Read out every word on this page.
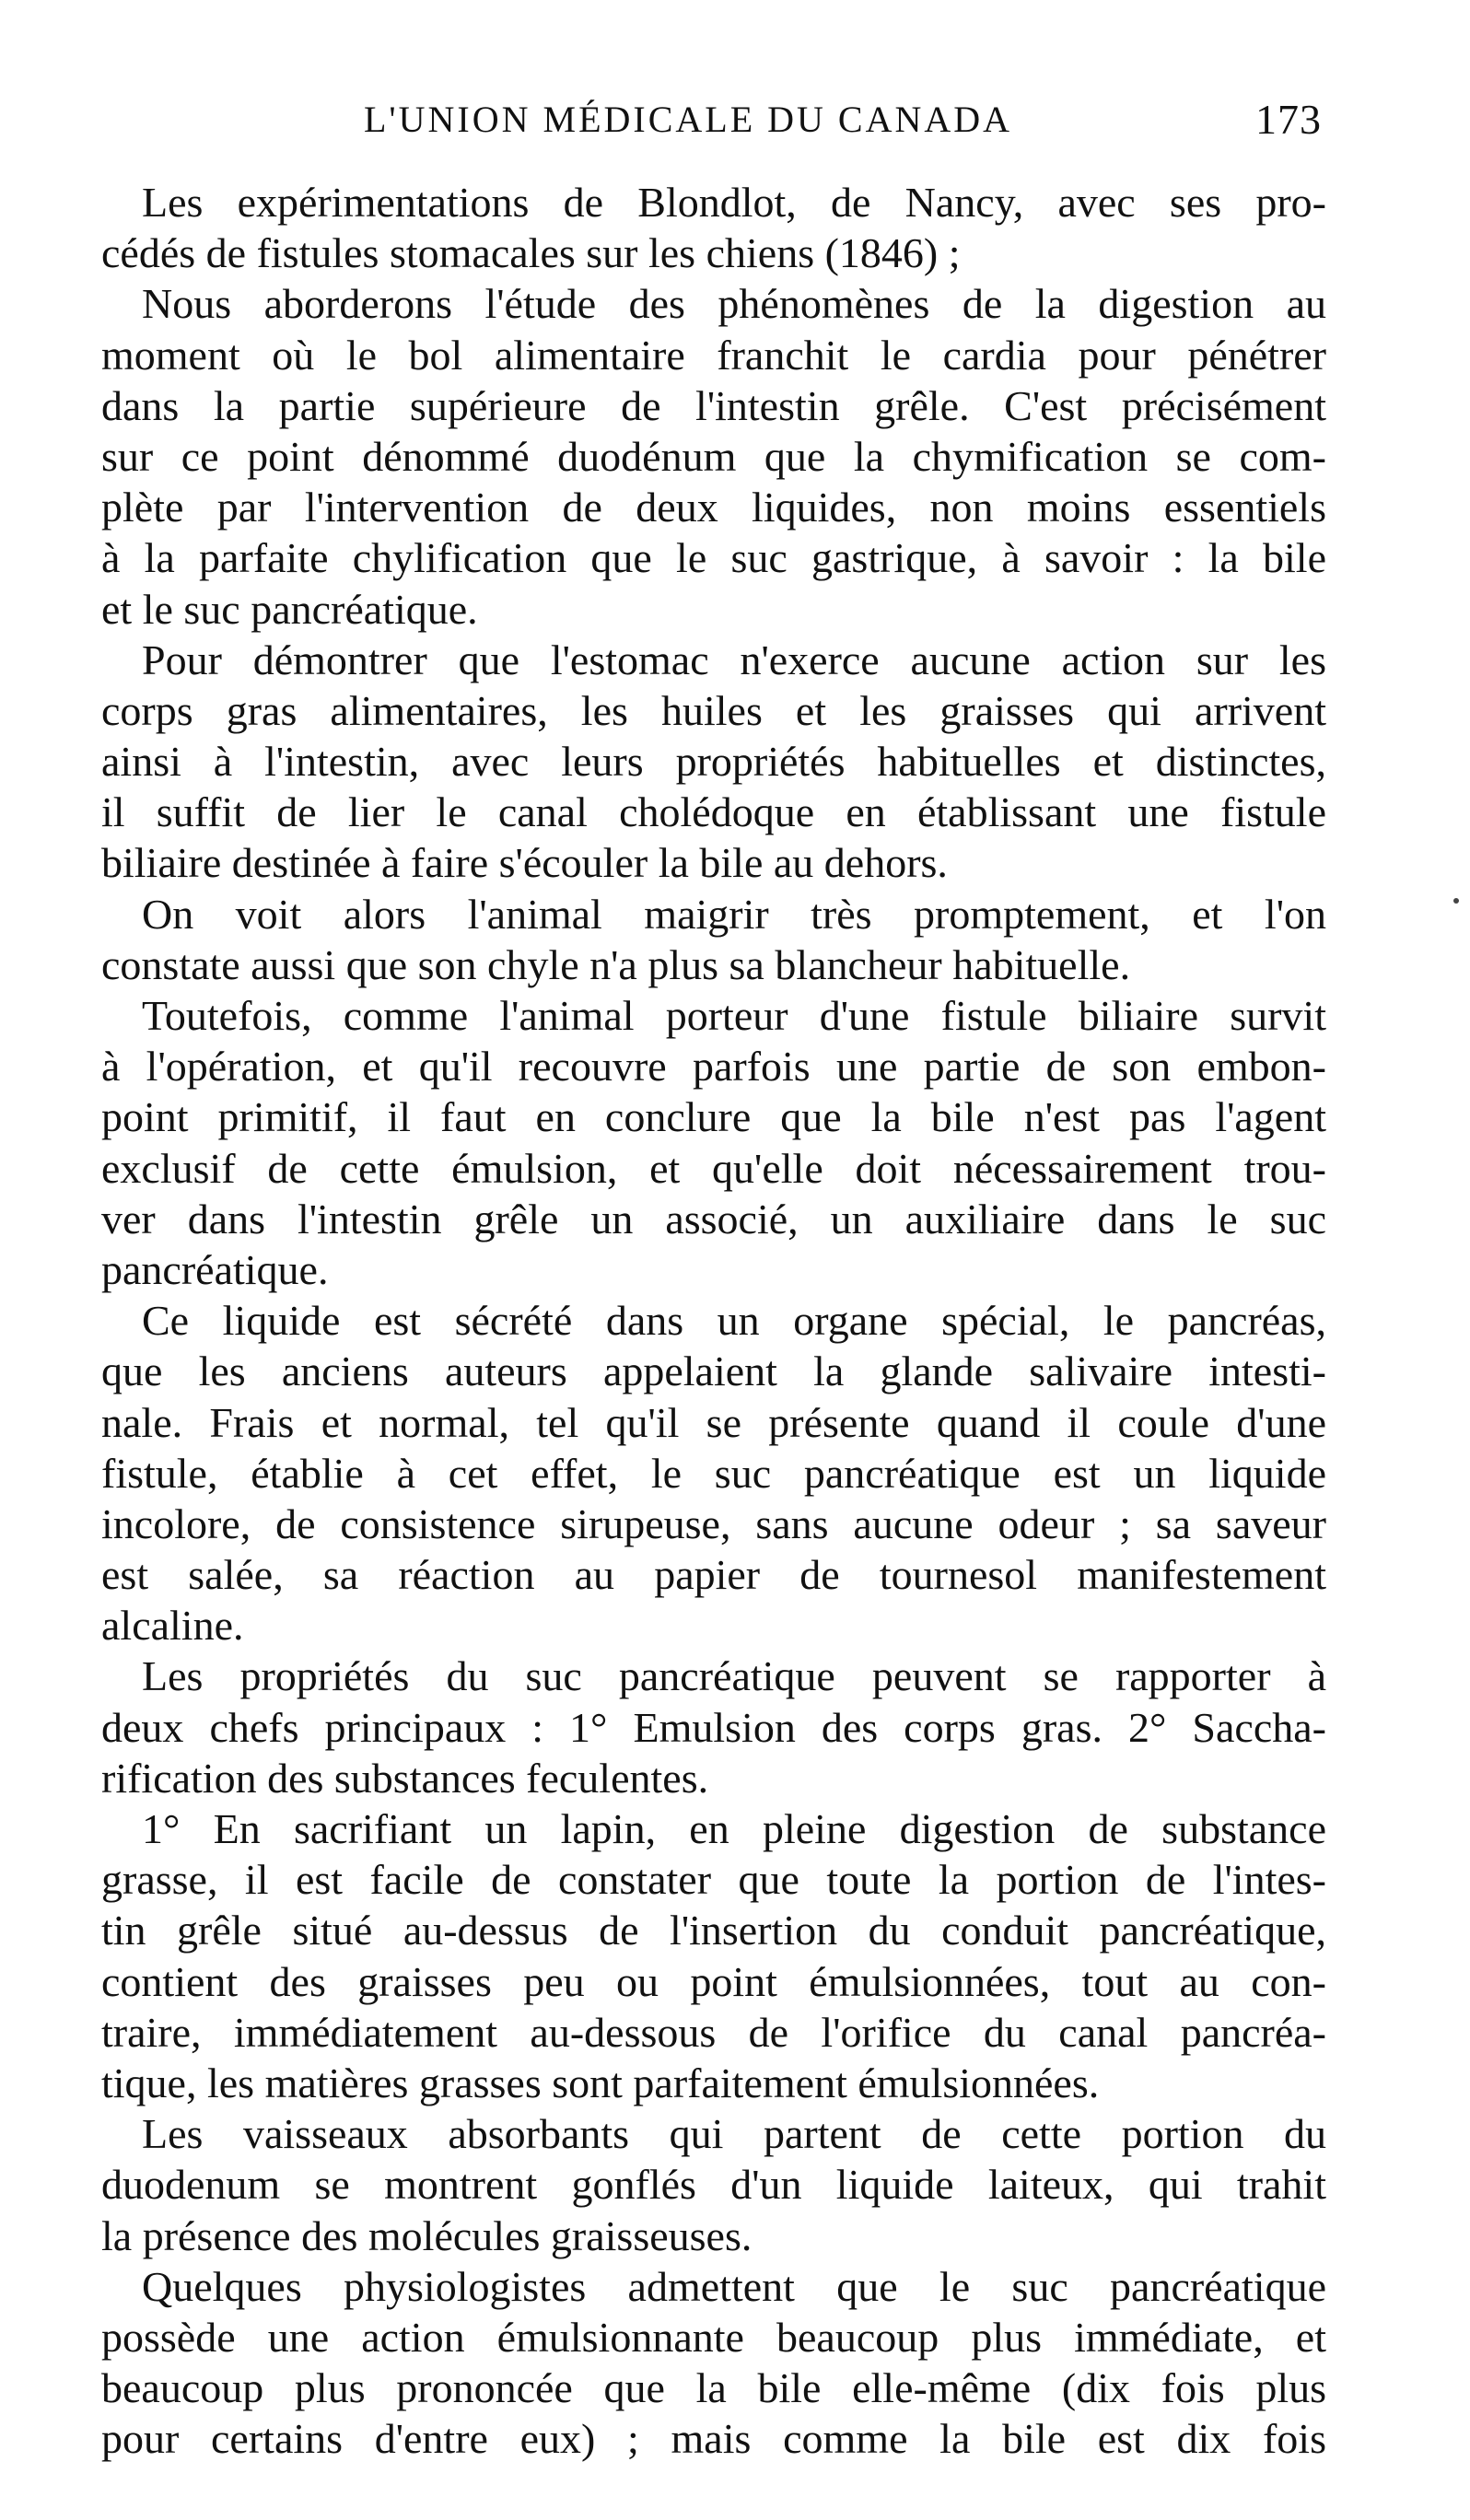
L'UNION MÉDICALE DU CANADA	173
Les expérimentations de Blondlot, de Nancy, avec ses pro-
cédés de fistules stomacales sur les chiens (1846) ;
Nous aborderons l'étude des phénomènes de la digestion au
moment où le bol alimentaire franchit le cardia pour pénétrer
dans la partie supérieure de l'intestin grêle. C'est précisément
sur ce point dénommé duodénum que la chymification se com-
plète par l'intervention de deux liquides, non moins essentiels
à la parfaite chylification que le suc gastrique, à savoir : la bile
et le suc pancréatique.
Pour démontrer que l'estomac n'exerce aucune action sur les
corps gras alimentaires, les huiles et les graisses qui arrivent
ainsi à l'intestin, avec leurs propriétés habituelles et distinctes,
il suffit de lier le canal cholédoque en établissant une fistule
biliaire destinée à faire s'écouler la bile au dehors.
On voit alors l'animal maigrir très promptement, et l'on
constate aussi que son chyle n'a plus sa blancheur habituelle.
Toutefois, comme l'animal porteur d'une fistule biliaire survit
à l'opération, et qu'il recouvre parfois une partie de son embon-
point primitif, il faut en conclure que la bile n'est pas l'agent
exclusif de cette émulsion, et qu'elle doit nécessairement trou-
ver dans l'intestin grêle un associé, un auxiliaire dans le suc
pancréatique.
Ce liquide est sécrété dans un organe spécial, le pancréas,
que les anciens auteurs appelaient la glande salivaire intesti-
nale. Frais et normal, tel qu'il se présente quand il coule d'une
fistule, établie à cet effet, le suc pancréatique est un liquide
incolore, de consistence sirupeuse, sans aucune odeur ; sa saveur
est salée, sa réaction au papier de tournesol manifestement
alcaline.
Les propriétés du suc pancréatique peuvent se rapporter à
deux chefs principaux : 1° Emulsion des corps gras. 2° Saccha-
rification des substances feculentes.
1° En sacrifiant un lapin, en pleine digestion de substance
grasse, il est facile de constater que toute la portion de l'intes-
tin grêle situé au-dessus de l'insertion du conduit pancréatique,
contient des graisses peu ou point émulsionnées, tout au con-
traire, immédiatement au-dessous de l'orifice du canal pancréa-
tique, les matières grasses sont parfaitement émulsionnées.
Les vaisseaux absorbants qui partent de cette portion du
duodenum se montrent gonflés d'un liquide laiteux, qui trahit
la présence des molécules graisseuses.
Quelques physiologistes admettent que le suc pancréatique
possède une action émulsionnante beaucoup plus immédiate, et
beaucoup plus prononcée que la bile elle-même (dix fois plus
pour certains d'entre eux) ; mais comme la bile est dix fois
